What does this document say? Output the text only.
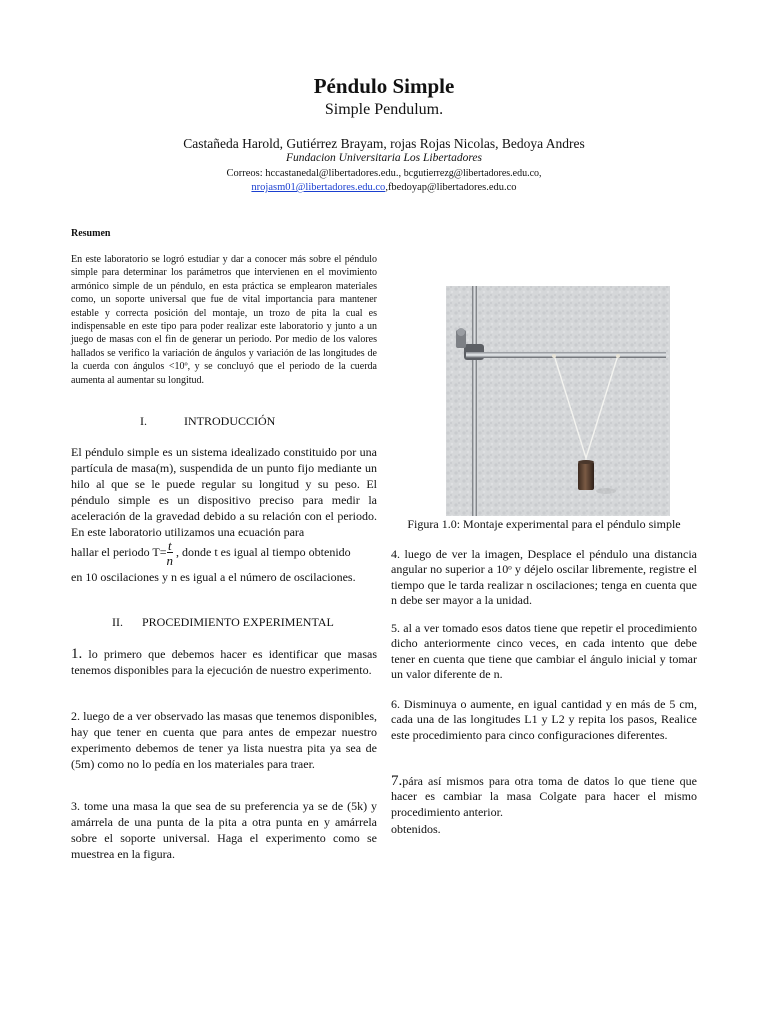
Péndulo Simple
Simple Pendulum.
Castañeda Harold, Gutiérrez Brayam, rojas Rojas Nicolas, Bedoya Andres
Fundacion Universitaria Los Libertadores
Correos: hccastanedal@libertadores.edu., bcgutierrezg@libertadores.edu.co,
nrojasm01@libertadores.edu.co,fbedoyap@libertadores.edu.co
Resumen
En este laboratorio se logró estudiar y dar a conocer más sobre el péndulo simple para determinar los parámetros que intervienen en el movimiento armónico simple de un péndulo, en esta práctica se emplearon materiales como, un soporte universal que fue de vital importancia para mantener estable y correcta posición del montaje, un trozo de pita la cual es indispensable en este tipo para poder realizar este laboratorio y junto a un juego de masas con el fin de generar un periodo. Por medio de los valores hallados se verifico la variación de ángulos y variación de las longitudes de la cuerda con ángulos <10º, y se concluyó que el periodo de la cuerda aumenta al aumentar su longitud.
I.	INTRODUCCIÓN
El péndulo simple es un sistema idealizado constituido por una partícula de masa(m), suspendida de un punto fijo mediante un hilo al que se le puede regular su longitud y su peso. El péndulo simple es un dispositivo preciso para medir la aceleración de la gravedad debido a su relación con el periodo. En este laboratorio utilizamos una ecuación para
hallar el periodo $T= \frac{t}{n}$ , donde t es igual al tiempo obtenido
en 10 oscilaciones y n es igual a el número de oscilaciones.
II. PROCEDIMIENTO EXPERIMENTAL
1. lo primero que debemos hacer es identificar que masas tenemos disponibles para la ejecución de nuestro experimento.
2. luego de a ver observado las masas que tenemos disponibles, hay que tener en cuenta que para antes de empezar nuestro experimento debemos de tener ya lista nuestra pita ya sea de (5m) como no lo pedía en los materiales para traer.
3. tome una masa la que sea de su preferencia ya se de (5k) y amárrela de una punta de la pita a otra punta en y amárrela sobre el soporte universal. Haga el experimento como se muestrea en la figura.
Figura 1.0: Montaje experimental para el péndulo simple
4. luego de ver la imagen, Desplace el péndulo una distancia angular no superior a 10ᵒ y déjelo oscilar libremente, registre el tiempo que le tarda realizar n oscilaciones; tenga en cuenta que n debe ser mayor a la unidad.
5. al a ver tomado esos datos tiene que repetir el procedimiento dicho anteriormente cinco veces, en cada intento que debe tener en cuenta que tiene que cambiar el ángulo inicial y tomar un valor diferente de n.
6. Disminuya o aumente, en igual cantidad y en más de 5 cm, cada una de las longitudes L1 y L2 y repita los pasos, Realice este procedimiento para cinco configuraciones diferentes.
7.pára así mismos para otra toma de datos lo que tiene que hacer es cambiar la masa Colgate para hacer el mismo procedimiento anterior.
obtenidos.
